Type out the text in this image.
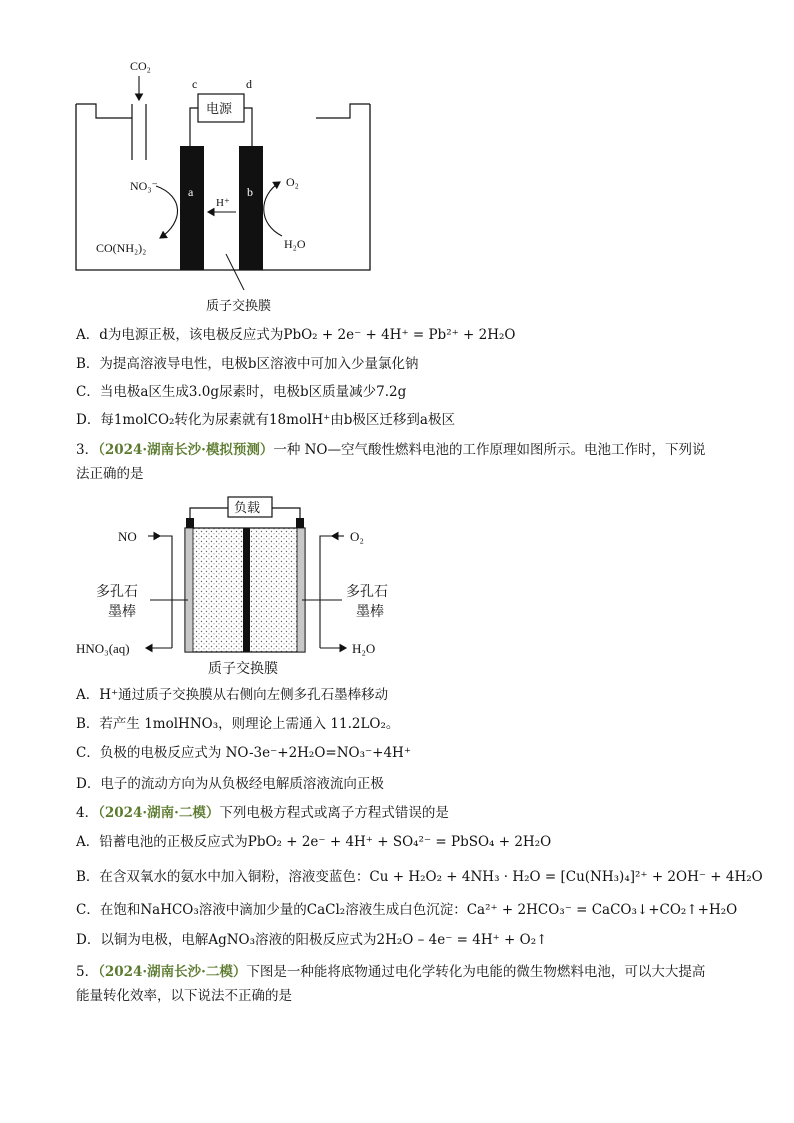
CO₂
电源
c	d
a	b
H⁺
NO₃⁻
CO(NH₂)₂
O₂
H₂O
质子交换膜
A．d为电源正极，该电极反应式为PbO₂ + 2e⁻ + 4H⁺ = Pb²⁺ + 2H₂O
B．为提高溶液导电性，电极b区溶液中可加入少量氯化钠
C．当电极a区生成3.0g尿素时，电极b区质量减少7.2g
D．每1molCO₂转化为尿素就有18molH⁺由b极区迁移到a极区
3．（2024·湖南长沙·模拟预测）一种 NO—空气酸性燃料电池的工作原理如图所示。电池工作时，下列说法正确的是
负载
NO
HNO₃(aq)
多孔石
墨棒
O₂
H₂O
多孔石
墨棒
质子交换膜
A．H⁺通过质子交换膜从右侧向左侧多孔石墨棒移动
B．若产生 1molHNO₃，则理论上需通入 11.2LO₂。
C．负极的电极反应式为 NO-3e⁻+2H₂O=NO₃⁻+4H⁺
D．电子的流动方向为从负极经电解质溶液流向正极
4．（2024·湖南·二模）下列电极方程式或离子方程式错误的是
A．铅蓄电池的正极反应式为PbO₂ + 2e⁻ + 4H⁺ + SO₄²⁻ = PbSO₄ + 2H₂O
B．在含双氧水的氨水中加入铜粉，溶液变蓝色：Cu + H₂O₂ + 4NH₃ · H₂O = [Cu(NH₃)₄]²⁺ + 2OH⁻ + 4H₂O
C．在饱和NaHCO₃溶液中滴加少量的CaCl₂溶液生成白色沉淀：Ca²⁺ + 2HCO₃⁻ = CaCO₃↓+CO₂↑+H₂O
D．以铜为电极，电解AgNO₃溶液的阳极反应式为2H₂O – 4e⁻ = 4H⁺ + O₂↑
5．（2024·湖南长沙·二模）下图是一种能将底物通过电化学转化为电能的微生物燃料电池，可以大大提高能量转化效率，以下说法不正确的是
